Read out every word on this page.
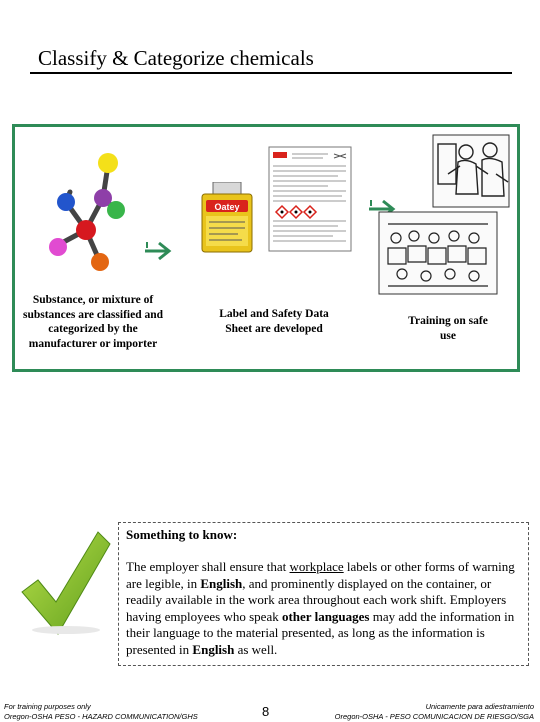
Classify & Categorize chemicals
Oatey
Substance, or mixture of substances are classified and categorized by the manufacturer or importer
Label and Safety Data Sheet are developed
Training on safe use
Something to know:
The employer shall ensure that workplace labels or other forms of warning are legible, in English, and prominently displayed on the container, or readily available in the work area throughout each work shift. Employers having employees who speak other languages may add the information in their language to the material presented, as long as the information is presented in English as well.
For training purposes only
Oregon-OSHA PESO - HAZARD COMMUNICATION/GHS	8	Unicamente para adiestramiento
Oregon-OSHA - PESO COMUNICACION DE RIESGO/SGA
